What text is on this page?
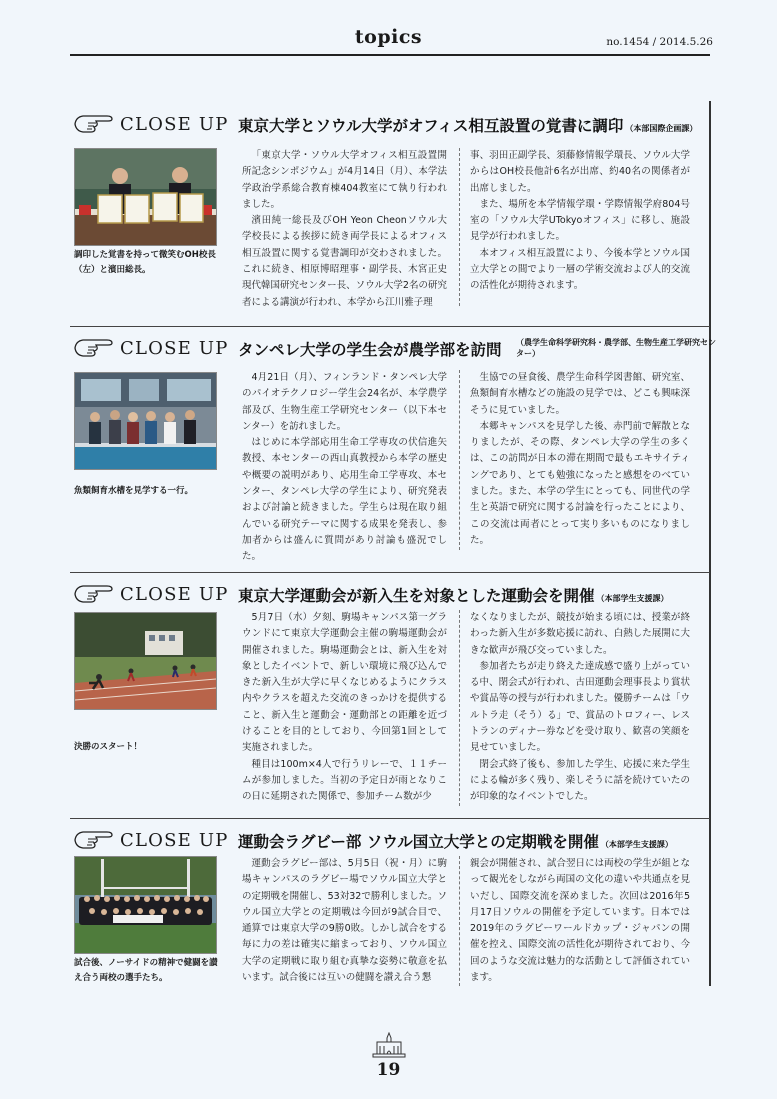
topics	no.1454 / 2014.5.26
CLOSE UP 東京大学とソウル大学がオフィス相互設置の覚書に調印 （本部国際企画課）
調印した覚書を持って微笑むOH校長（左）と濱田総長。

「東京大学・ソウル大学オフィス相互設置開所記念シンポジウム」が4月14日（月）、本学法学政治学系総合教育棟404教室にて執り行われました。

濱田純一総長及びOH Yeon Cheonソウル大学校長による挨拶に続き両学長によるオフィス相互設置に関する覚書調印が交わされました。これに続き、相原博昭理事・副学長、木宮正史現代韓国研究センター長、ソウル大学2名の研究者による講演が行われ、本学から江川雅子理

事、羽田正副学長、須藤修情報学環長、ソウル大学からはOH校長他計6名が出席、約40名の関係者が出席しました。

また、場所を本学情報学環・学際情報学府804号室の「ソウル大学UTokyoオフィス」に移し、施設見学が行われました。

本オフィス相互設置により、今後本学とソウル国立大学との間でより一層の学術交流および人的交流の活性化が期待されます。

CLOSE UP タンペレ大学の学生会が農学部を訪問 （農学生命科学研究科・農学部、生物生産工学研究センター）
魚類飼育水槽を見学する一行。

4月21日（月）、フィンランド・タンペレ大学のパイオテクノロジー学生会24名が、本学農学部及び、生物生産工学研究センター（以下本センター）を訪れました。

はじめに本学部応用生命工学専攻の伏信進矢教授、本センターの西山真教授から本学の歴史や概要の説明があり、応用生命工学専攻、本センター、タンペレ大学の学生により、研究発表および討論と続きました。学生らは現在取り組んでいる研究テーマに関する成果を発表し、参加者からは盛んに質問があり討論も盛況でした。

生協での昼食後、農学生命科学図書館、研究室、魚類飼育水槽などの施設の見学では、どこも興味深そうに見ていました。

本郷キャンパスを見学した後、赤門前で解散となりましたが、その際、タンペレ大学の学生の多くは、この訪問が日本の滞在期間で最もエキサイティングであり、とても勉強になったと感想をのべていました。また、本学の学生にとっても、同世代の学生と英語で研究に関する討論を行ったことにより、この交流は両者にとって実り多いものになりました。

CLOSE UP 東京大学運動会が新入生を対象とした運動会を開催 （本部学生支援課）
決勝のスタート！

5月7日（水）夕刻、駒場キャンパス第一グラウンドにて東京大学運動会主催の駒場運動会が開催されました。駒場運動会とは、新入生を対象としたイベントで、新しい環境に飛び込んできた新入生が大学に早くなじめるようにクラス内やクラスを超えた交流のきっかけを提供すること、新入生と運動会・運動部との距離を近づけることを目的としており、今回第1回として実施されました。

種目は100m×4人で行うリレーで、１１チームが参加しました。当初の予定日が雨となりこの日に延期された関係で、参加チーム数が少

なくなりましたが、競技が始まる頃には、授業が終わった新入生が多数応援に訪れ、白熱した展開に大きな歓声が飛び交っていました。

参加者たちが走り終えた達成感で盛り上がっている中、閉会式が行われ、古田運動会理事長より賞状や賞品等の授与が行われました。優勝チームは「ウルトラ走（そう）る」で、賞品のトロフィー、レストランのディナー券などを受け取り、歓喜の笑顔を見せていました。

閉会式終了後も、参加した学生、応援に来た学生による輪が多く残り、楽しそうに話を続けていたのが印象的なイベントでした。

CLOSE UP 運動会ラグビー部 ソウル国立大学との定期戦を開催 （本部学生支援課）
試合後、ノーサイドの精神で健闘を讃え合う両校の選手たち。

運動会ラグビー部は、5月5日（祝・月）に駒場キャンパスのラグビー場でソウル国立大学との定期戦を開催し、53対32で勝利しました。ソウル国立大学との定期戦は今回が9試合目で、通算では東京大学の9勝0敗。しかし試合をする毎に力の差は確実に縮まっており、ソウル国立大学の定期戦に取り組む真摯な姿勢に敬意を払います。試合後には互いの健闘を讃え合う懇

親会が開催され、試合翌日には両校の学生が組となって観光をしながら両国の文化の違いや共通点を見いだし、国際交流を深めました。次回は2016年5月17日ソウルの開催を予定しています。日本では2019年のラグビーワールドカップ・ジャパンの開催を控え、国際交流の活性化が期待されており、今回のような交流は魅力的な活動として評価されています。

19
